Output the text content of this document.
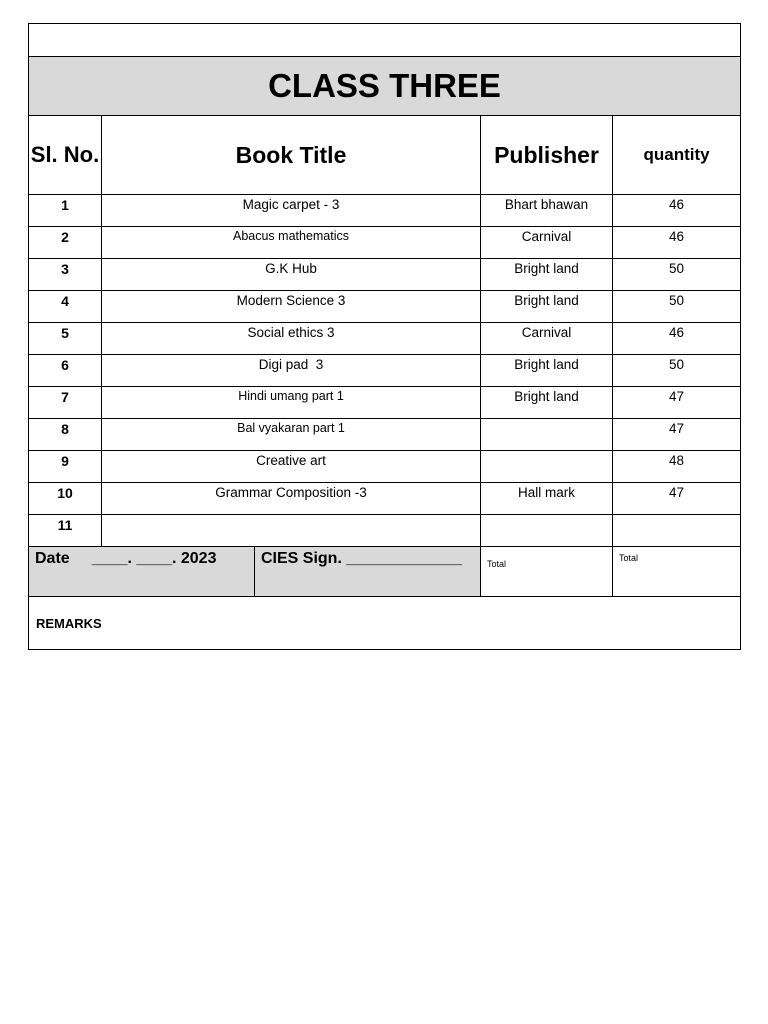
CLASS THREE				
Sl. No.	Book Title		Publisher	quantity
1	Magic carpet - 3		Bhart bhawan	46
2	Abacus mathematics		Carnival	46
3	G.K Hub		Bright land	50
4	Modern Science 3		Bright land	50
5	Social ethics 3		Carnival	46
6	Digi pad  3		Bright land	50
7	Hindi umang part 1		Bright land	47
8	Bal vyakaran part 1			47
9	Creative art			48
10	Grammar Composition -3		Hall mark	47
11				
Date     ____. ____. 2023		CIES Sign. _____________	Total	Total
REMARKS				
